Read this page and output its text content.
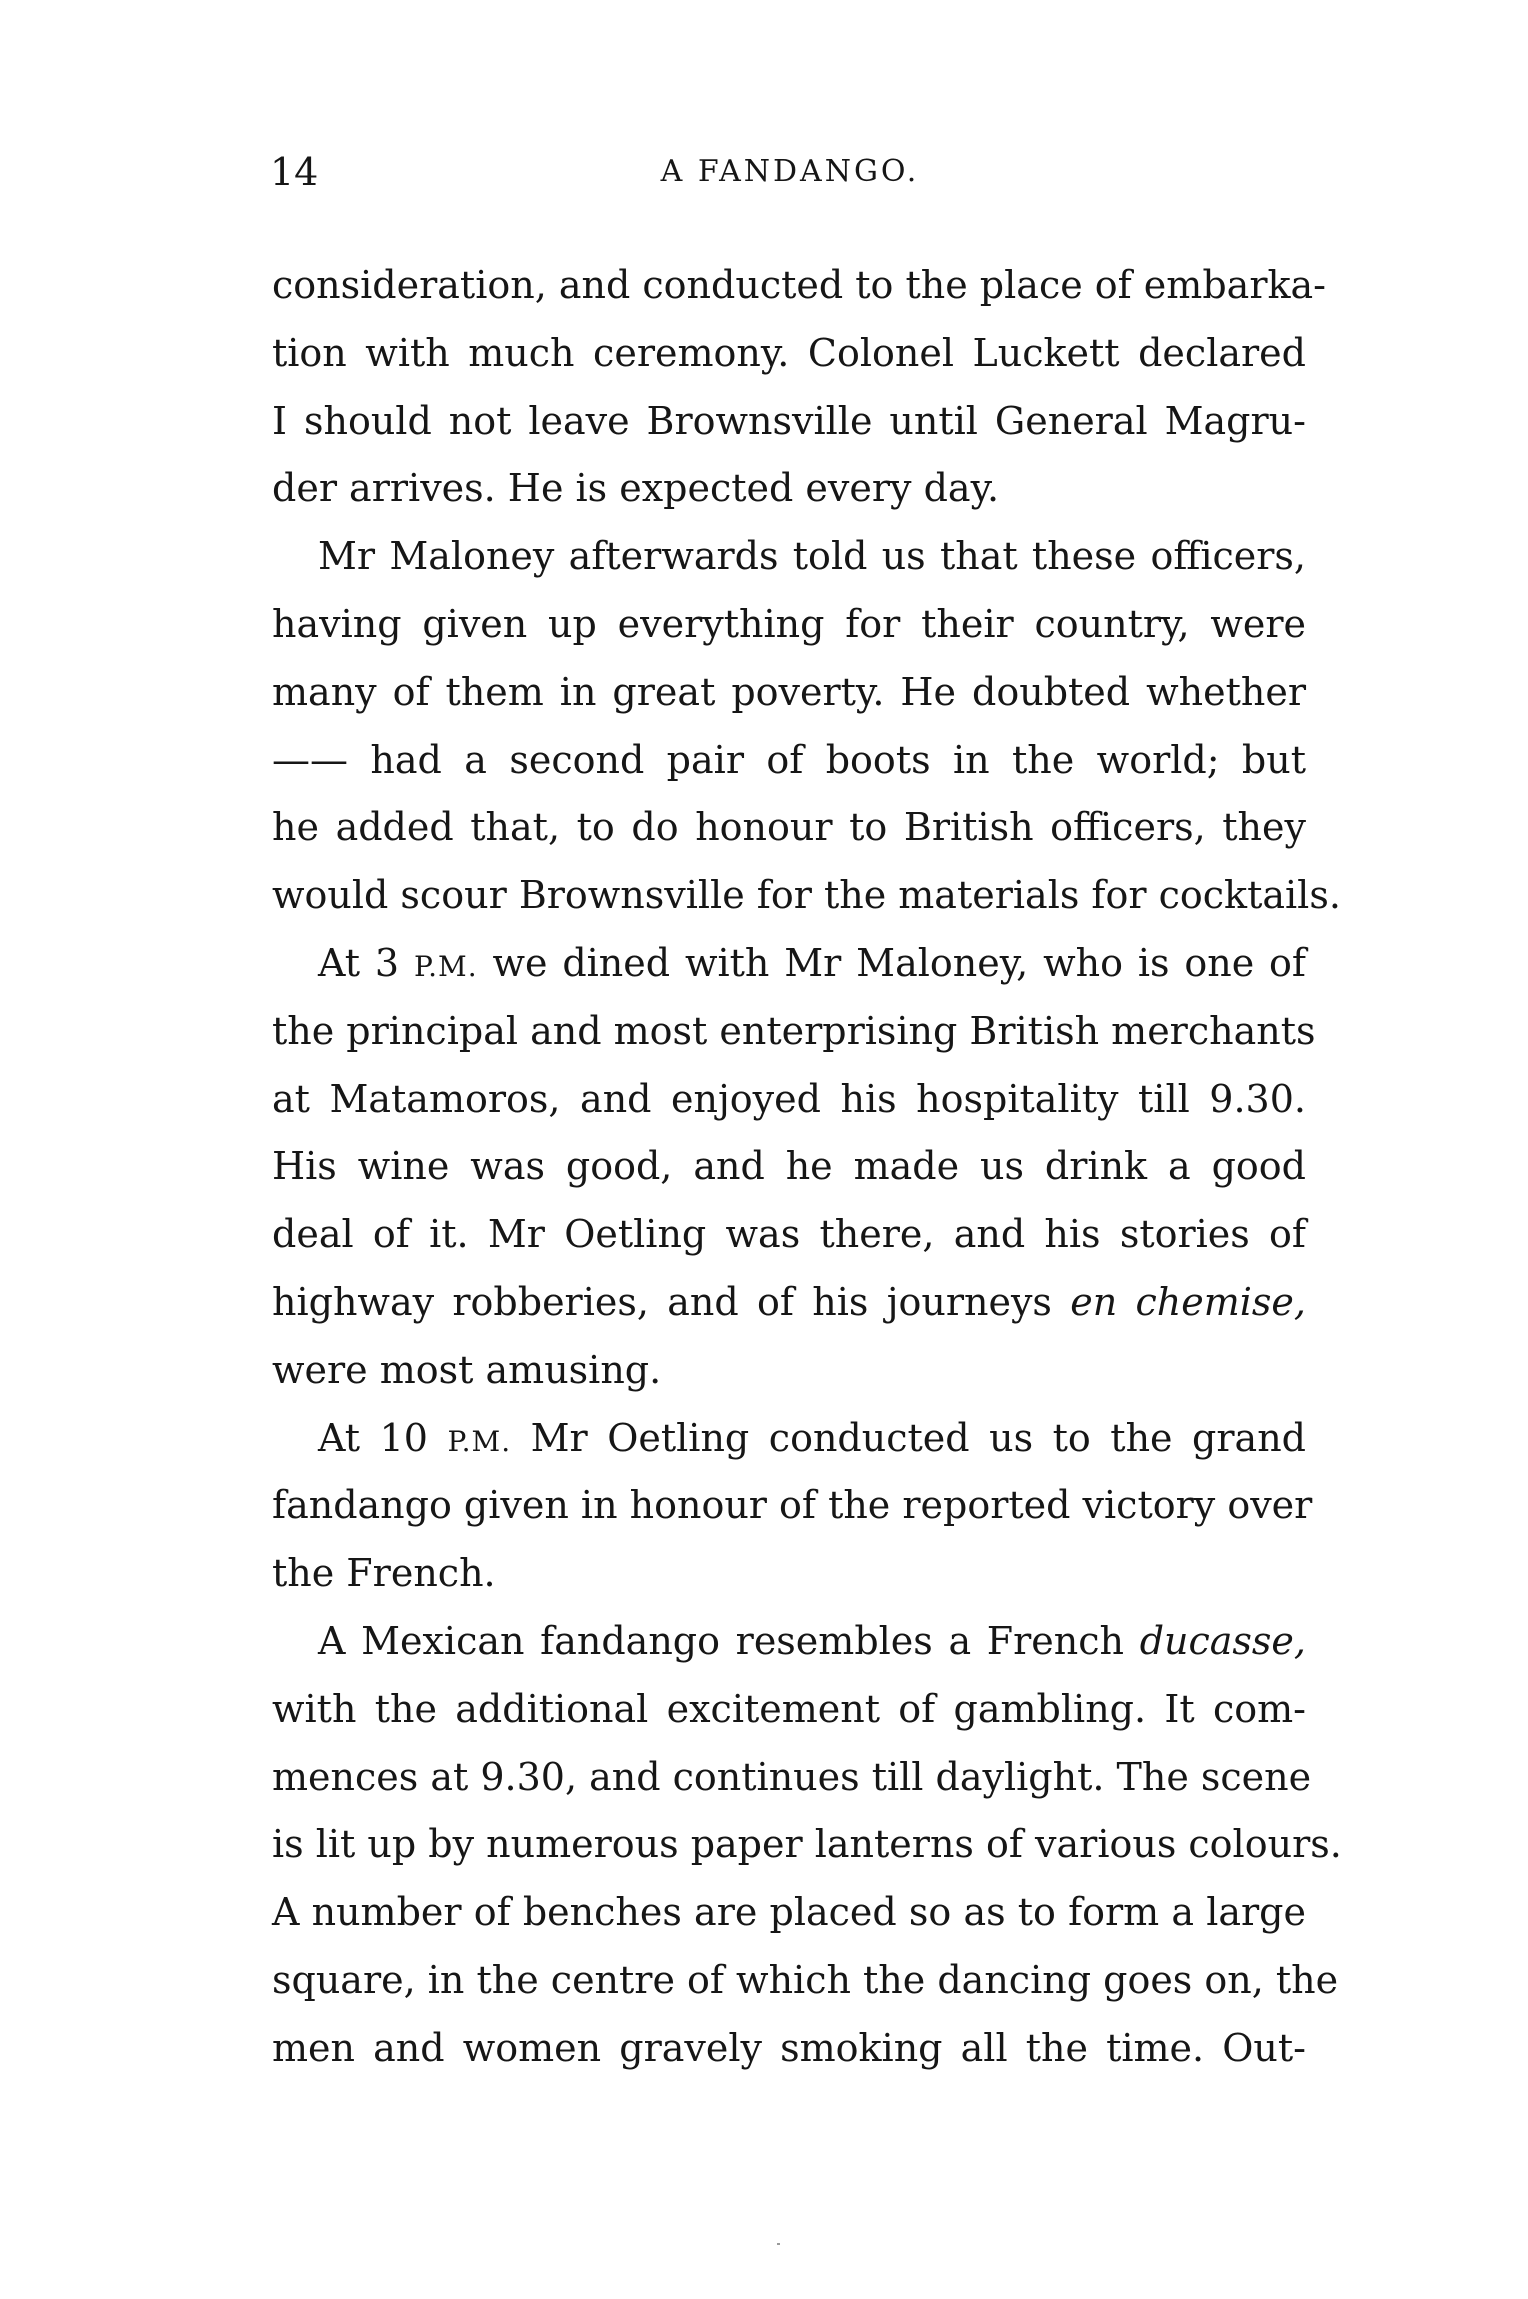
14	A FANDANGO.
consideration, and conducted to the place of embarka-
tion with much ceremony. Colonel Luckett declared
I should not leave Brownsville until General Magru-
der arrives. He is expected every day.
Mr Maloney afterwards told us that these officers,
having given up everything for their country, were
many of them in great poverty. He doubted whether
—— had a second pair of boots in the world; but
he added that, to do honour to British officers, they
would scour Brownsville for the materials for cocktails.
At 3 P.M. we dined with Mr Maloney, who is one of
the principal and most enterprising British merchants
at Matamoros, and enjoyed his hospitality till 9.30.
His wine was good, and he made us drink a good
deal of it. Mr Oetling was there, and his stories of
highway robberies, and of his journeys en chemise,
were most amusing.
At 10 P.M. Mr Oetling conducted us to the grand
fandango given in honour of the reported victory over
the French.
A Mexican fandango resembles a French ducasse,
with the additional excitement of gambling. It com-
mences at 9.30, and continues till daylight. The scene
is lit up by numerous paper lanterns of various colours.
A number of benches are placed so as to form a large
square, in the centre of which the dancing goes on, the
men and women gravely smoking all the time. Out-
